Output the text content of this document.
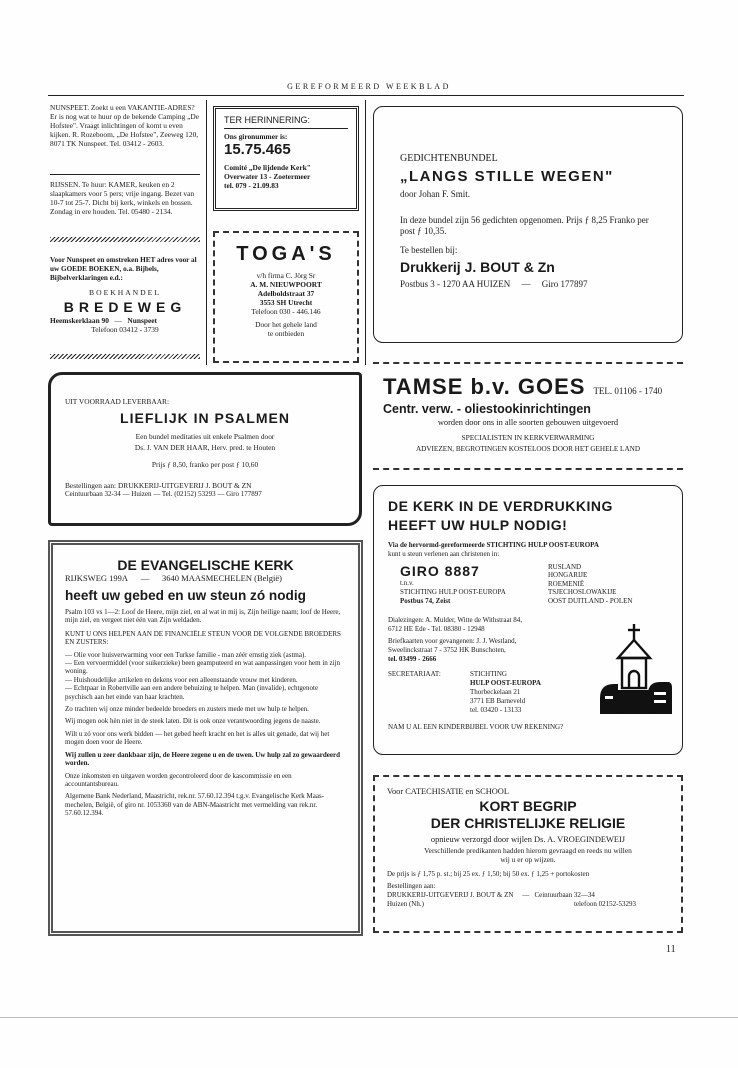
GEREFORMEERD WEEKBLAD

NUNSPEET. Zoekt u een VAKANTIE-ADRES? Er is nog wat te huur op de bekende Camping „De Hofstee". Vraagt inlichtingen of komt u even kijken. R. Rozeboom, „De Hofstee", Zeeweg 120, 8071 TK Nunspeet. Tel. 03412 - 2603.

RIJSSEN. Te huur: KAMER, keuken en 2 slaapkamers voor 5 pers; vrije ingang. Bezet van 10-7 tot 25-7. Dicht bij kerk, winkels en bossen. Zondag in ere houden. Tel. 05480 - 2134.

Voor Nunspeet en omstreken HET adres voor al uw GOEDE BOEKEN, o.a. Bijbels, Bijbelverklaringen e.d.:

BOEKHANDEL

BREDEWEG

Heemskerklaan 90 — Nunspeet

Telefoon 03412 - 3739

TER HERINNERING:

Ons gironummer is:

15.75.465

Comité „De lijdende Kerk"

Overwater 13 - Zoetermeer

tel. 079 - 21.09.83

TOGA'S

v/h firma C. Jörg Sr

A. M. NIEUWPOORT

Adelboldstraat 37

3553 SH Utrecht

Telefoon 030 - 446.146

Door het gehele land

te ontbieden

GEDICHTENBUNDEL

„LANGS STILLE WEGEN"

door Johan F. Smit.

In deze bundel zijn 56 gedichten opgenomen. Prijs ƒ 8,25 Franko per post ƒ 10,35.

Te bestellen bij:

Drukkerij J. BOUT & Zn

Postbus 3 - 1270 AA HUIZEN — Giro 177897

UIT VOORRAAD LEVERBAAR:

LIEFLIJK IN PSALMEN

Een bundel meditaties uit enkele Psalmen door

Ds. J. VAN DER HAAR, Herv. pred. te Houten

Prijs ƒ 8,50, franko per post ƒ 10,60

Bestellingen aan: DRUKKERIJ-UITGEVERIJ J. BOUT & ZN

Ceintuurbaan 32-34 — Huizen — Tel. (02152) 53293 — Giro 177897

TAMSE b.v. GOES TEL. 01106 - 1740

Centr. verw. - oliestookinrichtingen

worden door ons in alle soorten gebouwen uitgevoerd

SPECIALISTEN IN KERKVERWARMING

ADVIEZEN, BEGROTINGEN KOSTELOOS DOOR HET GEHELE LAND

DE EVANGELISCHE KERK

RIJKSWEG 199A — 3640 MAASMECHELEN (België)

heeft uw gebed en uw steun zó nodig

Psalm 103 vs 1—2: Loof de Heere, mijn ziel, en al wat in mij is, Zijn heilige naam; loof de Heere, mijn ziel, en vergeet niet één van Zijn weldaden.

KUNT U ONS HELPEN AAN DE FINANCIËLE STEUN VOOR DE VOLGENDE BROEDERS EN ZUSTERS:

— Olie voor huisverwarming voor een Turkse familie - man zéér ernstig ziek (astma).

— Een vervoermiddel (voor suikerzieke) been geamputeerd en wat aanpassingen voor hem in zijn woning.

— Huishoudelijke artikelen en dekens voor een alleenstaande vrouw met kinderen.

— Echtpaar in Robertville aan een andere behuizing te helpen. Man (invalide), echtgenote psychisch aan het einde van haar krachten.

Zo trachten wij onze minder bedeelde broeders en zusters mede met uw hulp te helpen.

Wij mogen ook hèn niet in de steek laten. Dit is ook onze verantwoording jegens de naaste.

Wilt u zó voor ons werk bidden — het gebed heeft kracht en het is alles uit genade, dat wij het mogen doen voor de Heere.

Wij zullen u zeer dankbaar zijn, de Heere zegene u en de uwen. Uw hulp zal zo gewaardeerd worden.

Onze inkomsten en uitgaven worden gecontroleerd door de kascommissie en een accountantsbureau.

Algemene Bank Nederland, Maastricht, rek.nr. 57.60.12.394 t.g.v. Evangelische Kerk Maas-mechelen, België, of giro nr. 1053360 van de ABN-Maastricht met vermelding van rek.nr. 57.60.12.394.

DE KERK IN DE VERDRUKKING

HEEFT UW HULP NODIG!

Via de hervormd-gereformeerde STICHTING HULP OOST-EUROPA

kunt u steun verlenen aan christenen in:

GIRO 8887

t.n.v.

STICHTING HULP OOST-EUROPA

Postbus 74, Zeist

RUSLAND

HONGARIJE

ROEMENIË

TSJECHOSLOWAKIJE

OOST DUITLAND - POLEN

Dialezingen: A. Mulder, Witte de Withstraat 84,

6712 HE Ede - Tel. 08380 - 12948

Briefkaarten voor gevangenen: J. J. Westland,

Sweelinckstraat 7 - 3752 HK Bunschoten,

tel. 03499 - 2666

SECRETARIAAT:	STICHTING

HULP OOST-EUROPA

Thorbeckelaan 21

3771 EB Barneveld

tel. 03420 - 13133

NAM U AL EEN KINDERBIJBEL VOOR UW REKENING?

Voor CATECHISATIE en SCHOOL

KORT BEGRIP

DER CHRISTELIJKE RELIGIE

opnieuw verzorgd door wijlen Ds. A. VROEGINDEWEIJ

Verschillende predikanten hadden hierom gevraagd en reeds nu willen

wij u er op wijzen.

De prijs is ƒ 1,75 p. st.; bij 25 ex. ƒ 1,50; bij 50 ex. ƒ 1,25 + portokosten

Bestellingen aan:

DRUKKERIJ-UITGEVERIJ J. BOUT & ZN — Ceintuurbaan 32—34

Huizen (Nh.)	telefoon 02152-53293

11
